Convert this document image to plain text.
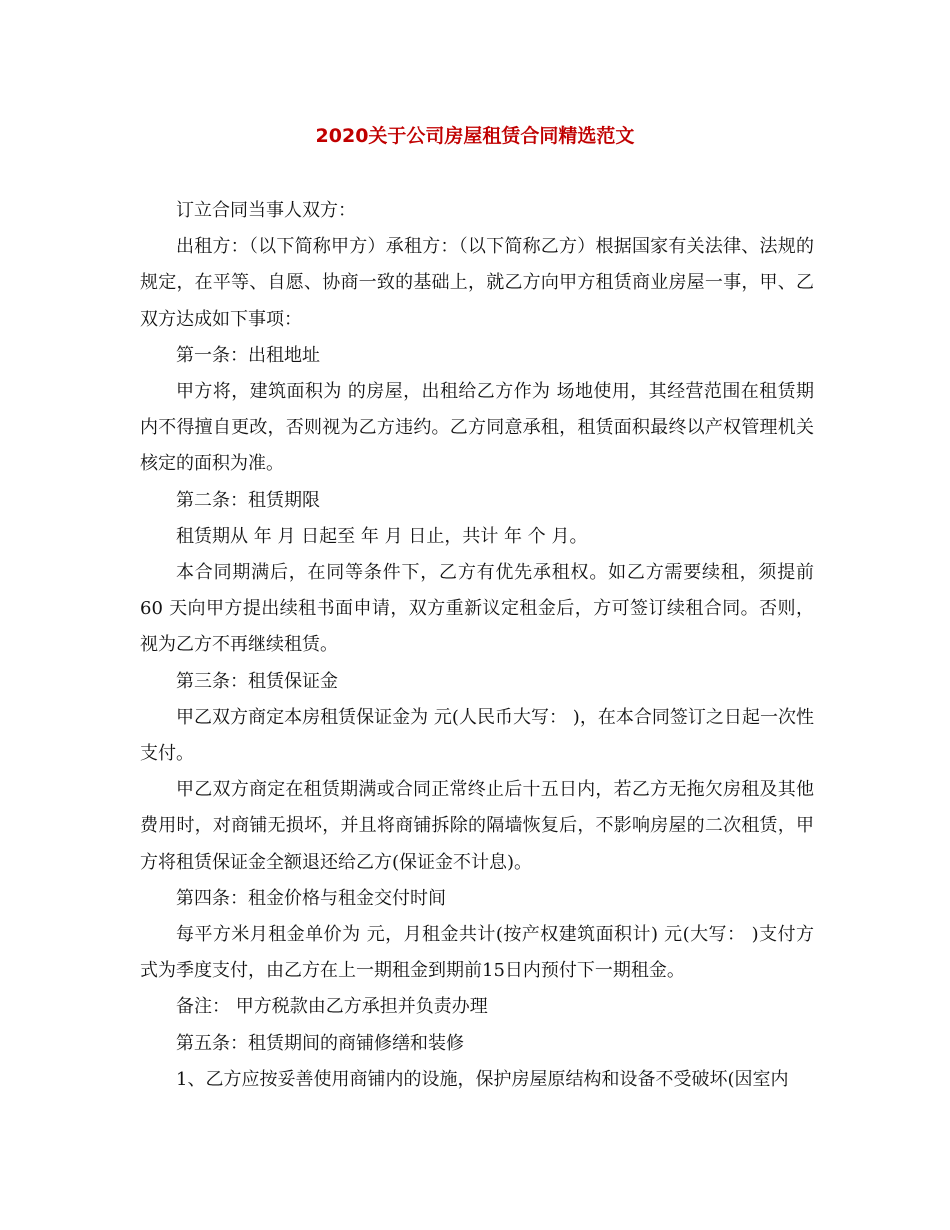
2020关于公司房屋租赁合同精选范文

订立合同当事人双方：

出租方：（以下简称甲方）承租方：（以下简称乙方）根据国家有关法律、法规的规定，在平等、自愿、协商一致的基础上，就乙方向甲方租赁商业房屋一事，甲、乙双方达成如下事项：

第一条：出租地址

甲方将，建筑面积为 的房屋，出租给乙方作为 场地使用，其经营范围在租赁期内不得擅自更改，否则视为乙方违约。乙方同意承租，租赁面积最终以产权管理机关核定的面积为准。

第二条：租赁期限

租赁期从 年 月 日起至 年 月 日止，共计 年 个 月。

本合同期满后，在同等条件下，乙方有优先承租权。如乙方需要续租，须提前 60 天向甲方提出续租书面申请，双方重新议定租金后，方可签订续租合同。否则，视为乙方不再继续租赁。

第三条：租赁保证金

甲乙双方商定本房租赁保证金为 元(人民币大写： )，在本合同签订之日起一次性支付。

甲乙双方商定在租赁期满或合同正常终止后十五日内，若乙方无拖欠房租及其他费用时，对商铺无损坏，并且将商铺拆除的隔墙恢复后，不影响房屋的二次租赁，甲方将租赁保证金全额退还给乙方(保证金不计息)。

第四条：租金价格与租金交付时间

每平方米月租金单价为 元，月租金共计(按产权建筑面积计) 元(大写： )支付方式为季度支付，由乙方在上一期租金到期前15日内预付下一期租金。

备注： 甲方税款由乙方承担并负责办理

第五条：租赁期间的商铺修缮和装修

1、乙方应按妥善使用商铺内的设施，保护房屋原结构和设备不受破坏(因室内
